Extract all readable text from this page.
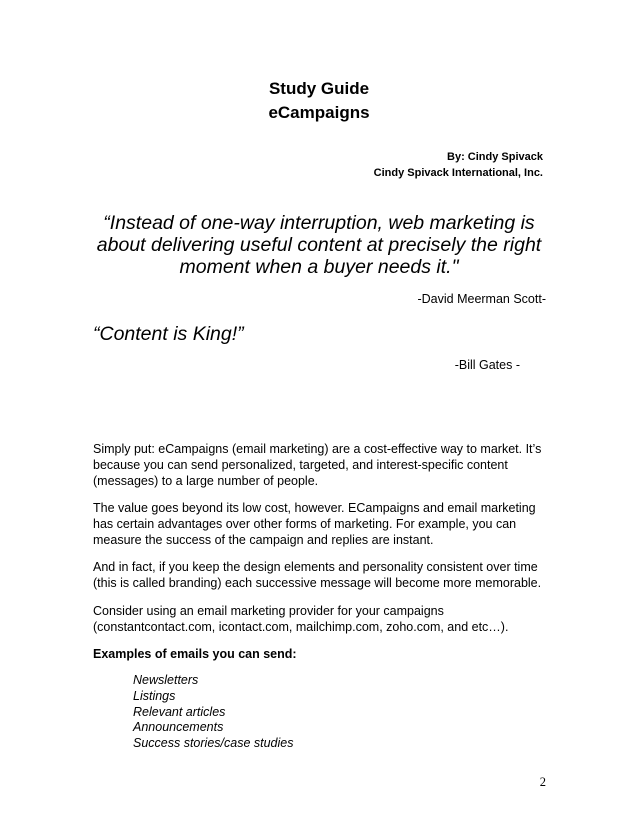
Study Guide
eCampaigns
By: Cindy Spivack
Cindy Spivack International, Inc.
“Instead of one-way interruption, web marketing is about delivering useful content at precisely the right moment when a buyer needs it."
-David Meerman Scott-
“Content is King!”
-Bill Gates -
Simply put: eCampaigns (email marketing) are a cost-effective way to market. It’s because you can send personalized, targeted, and interest-specific content (messages) to a large number of people.
The value goes beyond its low cost, however. ECampaigns and email marketing has certain advantages over other forms of marketing. For example, you can measure the success of the campaign and replies are instant.
And in fact, if you keep the design elements and personality consistent over time (this is called branding) each successive message will become more memorable.
Consider using an email marketing provider for your campaigns (constantcontact.com, icontact.com, mailchimp.com, zoho.com, and etc…).
Examples of emails you can send:
Newsletters
Listings
Relevant articles
Announcements
Success stories/case studies
2
